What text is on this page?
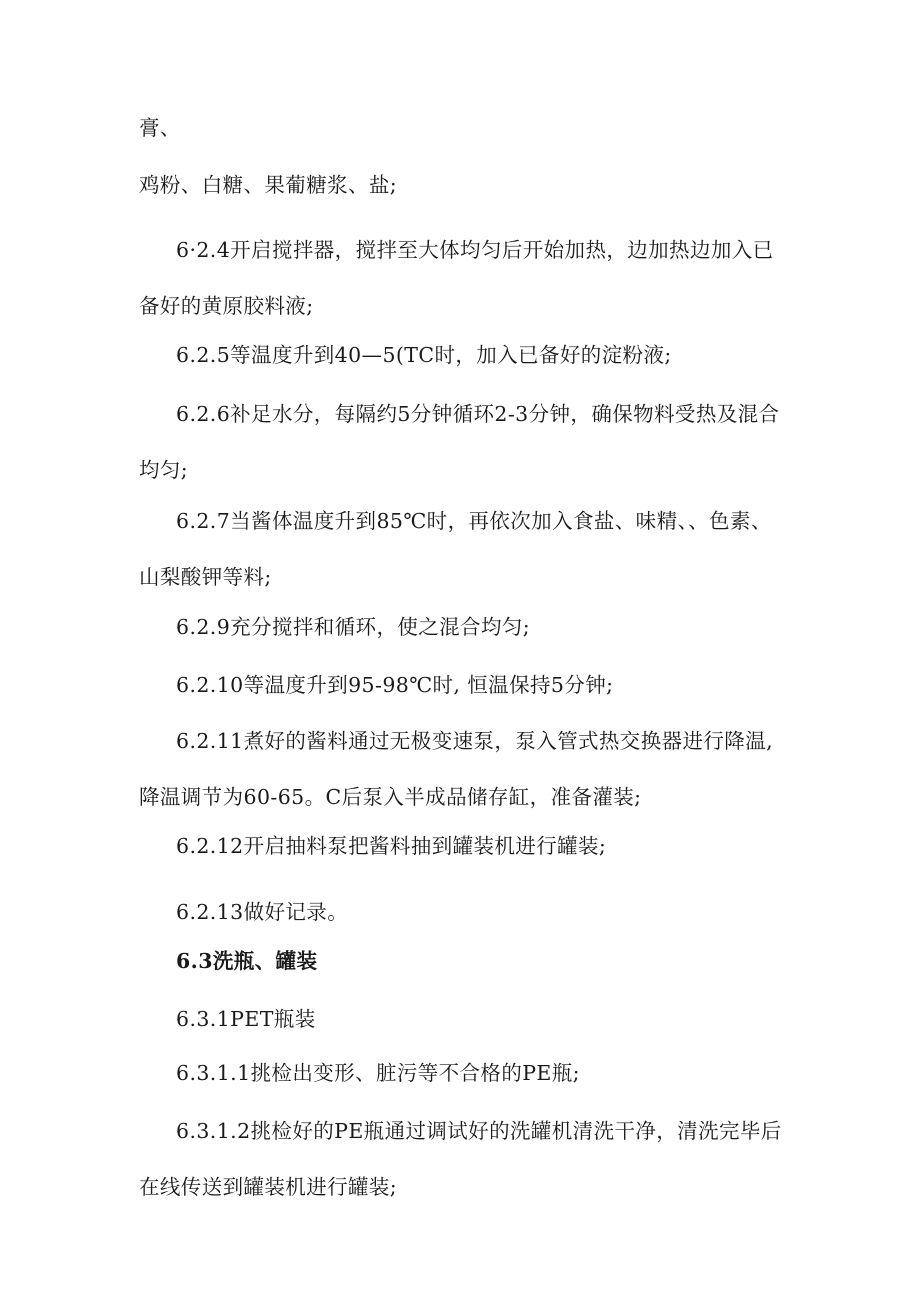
膏、

鸡粉、白糖、果葡糖浆、盐;

6·2.4开启搅拌器，搅拌至大体均匀后开始加热，边加热边加入已备好的黄原胶料液;

6.2.5等温度升到40—5(TC时，加入已备好的淀粉液;

6.2.6补足水分，每隔约5分钟循环2-3分钟，确保物料受热及混合均匀;

6.2.7当酱体温度升到85℃时，再依次加入食盐、味精、、色素、山梨酸钾等料;

6.2.9充分搅拌和循环，使之混合均匀;

6.2.10等温度升到95-98℃时, 恒温保持5分钟;

6.2.11煮好的酱料通过无极变速泵，泵入管式热交换器进行降温, 降温调节为60-65。C后泵入半成品储存缸，准备灌装;

6.2.12开启抽料泵把酱料抽到罐装机进行罐装;

6.2.13做好记录。

6.3洗瓶、罐装

6.3.1PET瓶装

6.3.1.1挑检出变形、脏污等不合格的PE瓶;

6.3.1.2挑检好的PE瓶通过调试好的洗罐机清洗干净，清洗完毕后在线传送到罐装机进行罐装;
